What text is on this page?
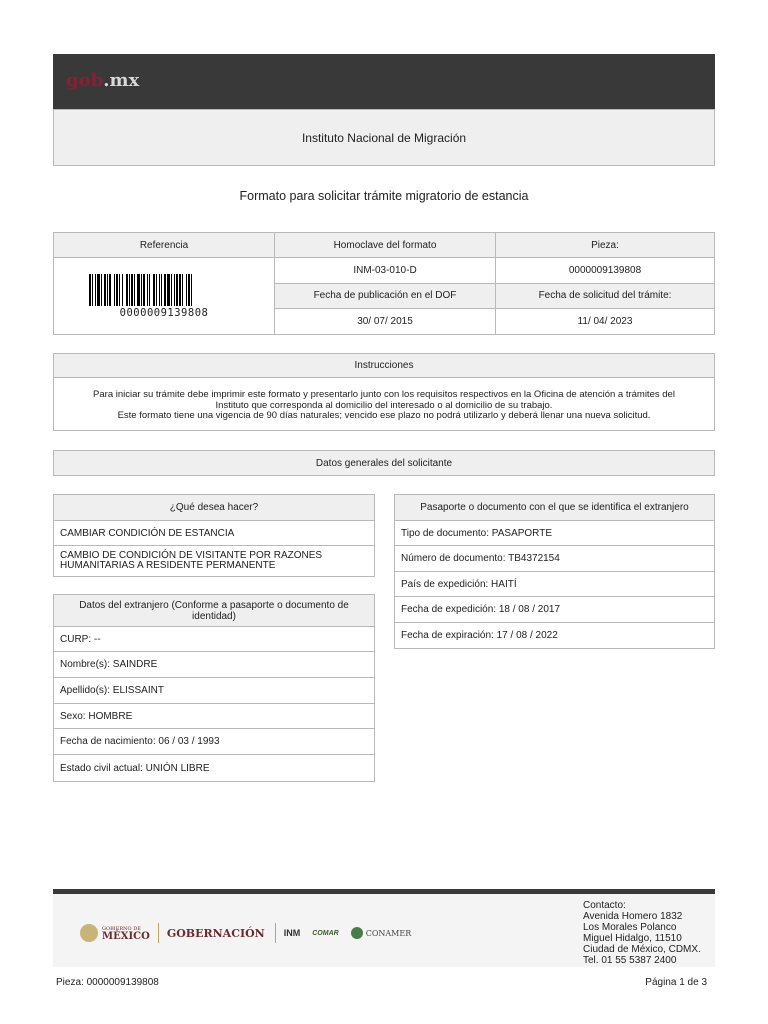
gob.mx
Instituto Nacional de Migración
Formato para solicitar trámite migratorio de estancia
Referencia	Homoclave del formato	Pieza:

0000009139808	INM-03-010-D	0000009139808
	Fecha de publicación en el DOF	Fecha de solicitud del trámite:
	30/ 07/ 2015	11/ 04/ 2023
Instrucciones
Para iniciar su trámite debe imprimir este formato y presentarlo junto con los requisitos respectivos en la Oficina de atención a trámites del
Instituto que corresponda al domicilio del interesado o al domicilio de su trabajo.
Este formato tiene una vigencia de 90 días naturales; vencido ese plazo no podrá utilizarlo y deberá llenar una nueva solicitud.
Datos generales del solicitante
¿Qué desea hacer?
CAMBIAR CONDICIÓN DE ESTANCIA
CAMBIO DE CONDICIÓN DE VISITANTE POR RAZONES HUMANITARIAS A RESIDENTE PERMANENTE
Datos del extranjero (Conforme a pasaporte o documento de identidad)
CURP: --
Nombre(s): SAINDRE
Apellido(s): ELISSAINT
Sexo: HOMBRE
Fecha de nacimiento: 06 / 03 / 1993
Estado civil actual: UNIÓN LIBRE
Pasaporte o documento con el que se identifica el extranjero
Tipo de documento: PASAPORTE
Número de documento: TB4372154
País de expedición: HAITÍ
Fecha de expedición: 18 / 08 / 2017
Fecha de expiración: 17 / 08 / 2022
GOBIERNO DE
MÉXICO GOBERNACIÓN INM COMAR	CONAMER
Contacto:
Avenida Homero 1832
Los Morales Polanco
Miguel Hidalgo, 11510
Ciudad de México, CDMX.
Tel. 01 55 5387 2400
Pieza: 0000009139808	Página 1 de 3
